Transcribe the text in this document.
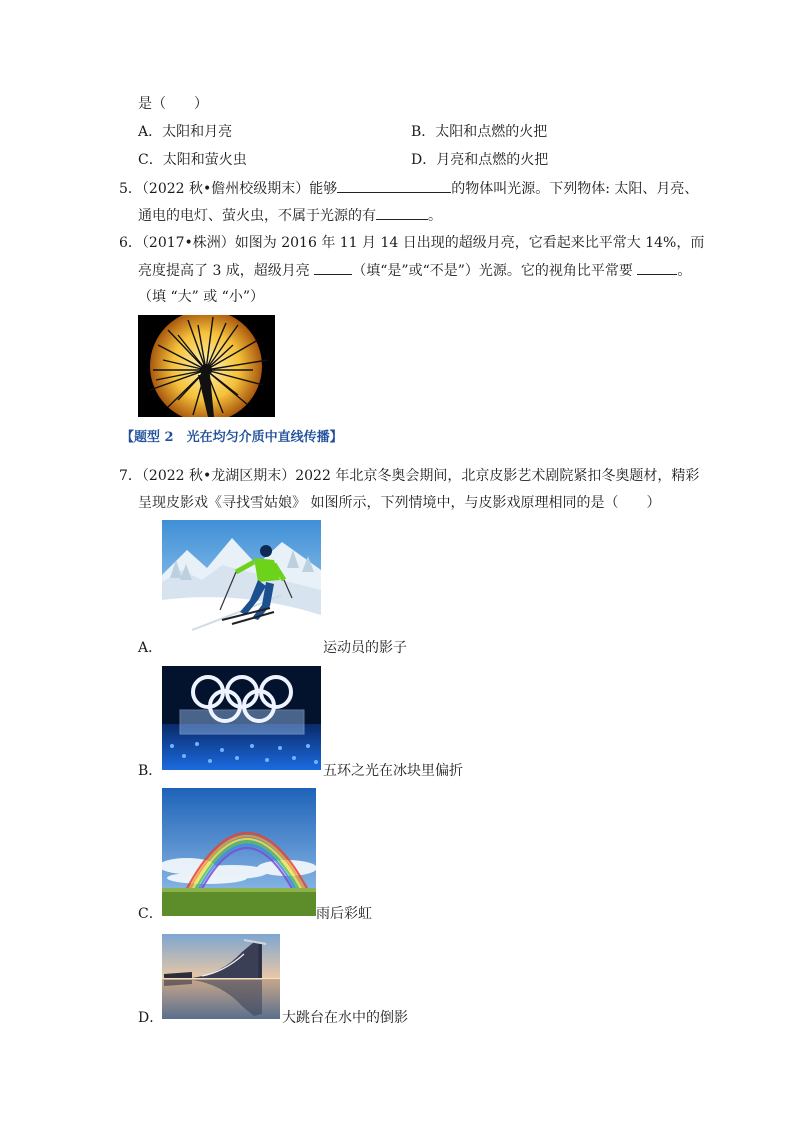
是（　　）
A．太阳和月亮	B．太阳和点燃的火把
C．太阳和萤火虫	D．月亮和点燃的火把
5．（2022 秋•儋州校级期末）能够	的物体叫光源。下列物体: 太阳、月亮、
通电的电灯、萤火虫，不属于光源的有	。
6．（2017•株洲）如图为 2016 年 11 月 14 日出现的超级月亮，它看起来比平常大 14%，而
亮度提高了 3 成，超级月亮	（填“是”或“不是”）光源。它的视角比平常要	。
（填 “大” 或 “小”）
【题型 2　光在均匀介质中直线传播】
7．（2022 秋•龙湖区期末）2022 年北京冬奥会期间，北京皮影艺术剧院紧扣冬奥题材，精彩
呈现皮影戏《寻找雪姑娘》 如图所示，下列情境中，与皮影戏原理相同的是（　　）
A．	运动员的影子
B．	五环之光在冰块里偏折
C．	雨后彩虹
D．	大跳台在水中的倒影
